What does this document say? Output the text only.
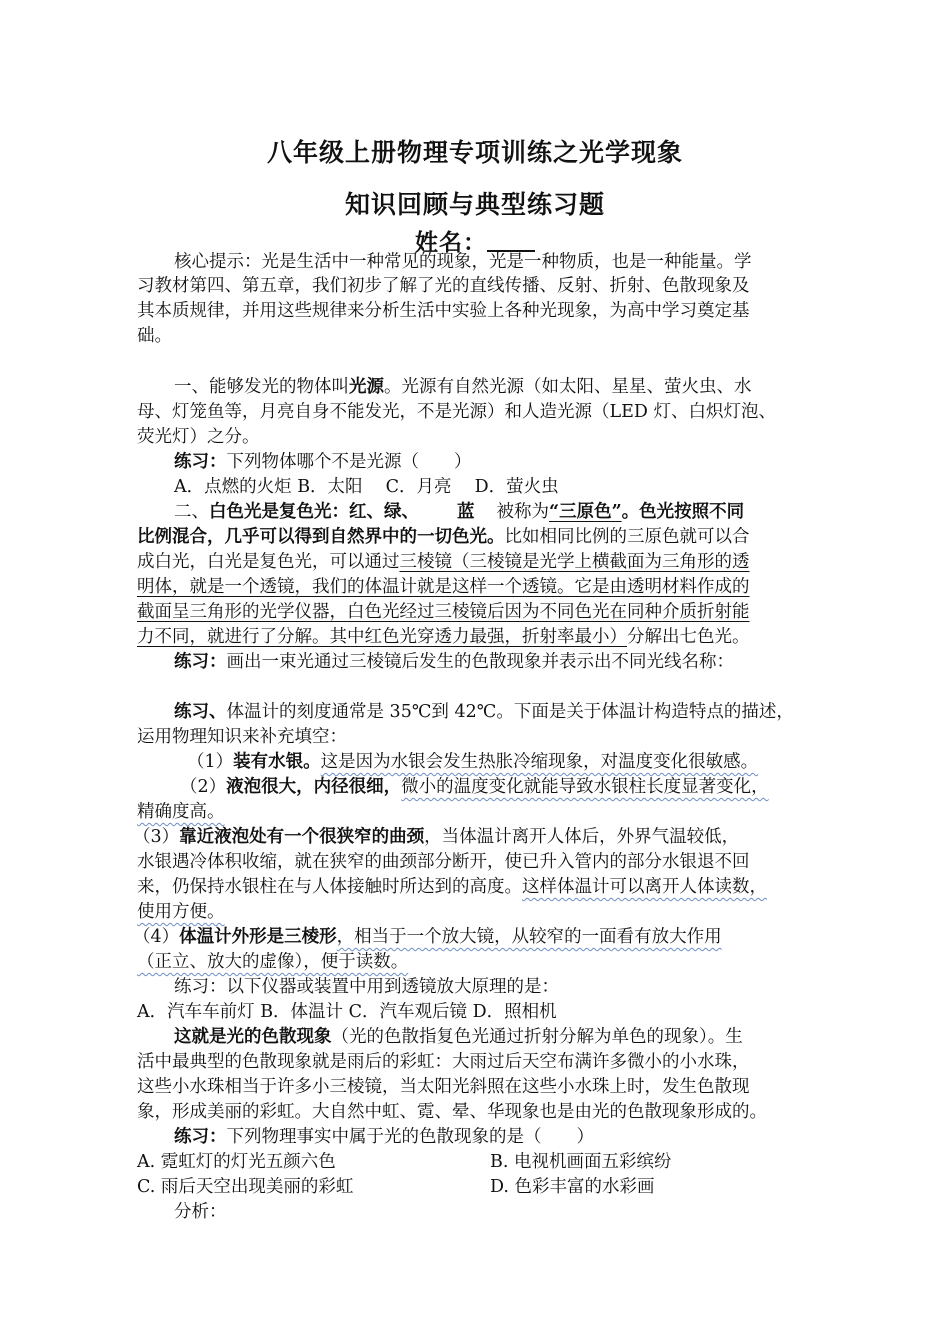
八年级上册物理专项训练之光学现象
知识回顾与典型练习题
姓名：
核心提示：光是生活中一种常见的现象，光是一种物质，也是一种能量。学
习教材第四、第五章，我们初步了解了光的直线传播、反射、折射、色散现象及
其本质规律，并用这些规律来分析生活中实验上各种光现象，为高中学习奠定基
础。
一、能够发光的物体叫光源。光源有自然光源（如太阳、星星、萤火虫、水
母、灯笼鱼等，月亮自身不能发光，不是光源）和人造光源（LED 灯、白炽灯泡、
荧光灯）之分。
练习：下列物体哪个不是光源（　　）
A．点燃的火炬 B．太阳　 C．月亮　 D．萤火虫
二、白色光是复色光：红、绿、 蓝 被称为“三原色”。色光按照不同
比例混合，几乎可以得到自然界中的一切色光。比如相同比例的三原色就可以合
成白光，白光是复色光，可以通过三棱镜（三棱镜是光学上横截面为三角形的透
明体，就是一个透镜，我们的体温计就是这样一个透镜。它是由透明材料作成的
截面呈三角形的光学仪器，白色光经过三棱镜后因为不同色光在同种介质折射能
力不同，就进行了分解。其中红色光穿透力最强，折射率最小）分解出七色光。
练习：画出一束光通过三棱镜后发生的色散现象并表示出不同光线名称：
练习、体温计的刻度通常是 35℃到 42℃。下面是关于体温计构造特点的描述，
运用物理知识来补充填空：
（1）装有水银。这是因为水银会发生热胀冷缩现象，对温度变化很敏感。
（2）液泡很大，内径很细，微小的温度变化就能导致水银柱长度显著变化，
精确度高。
（3）靠近液泡处有一个很狭窄的曲颈，当体温计离开人体后，外界气温较低，
水银遇冷体积收缩，就在狭窄的曲颈部分断开，使已升入管内的部分水银退不回
来，仍保持水银柱在与人体接触时所达到的高度。这样体温计可以离开人体读数，
使用方便。
（4）体温计外形是三棱形，相当于一个放大镜，从较窄的一面看有放大作用
（正立、放大的虚像），便于读数。
练习：以下仪器或装置中用到透镜放大原理的是：
A．汽车车前灯 B．体温计 C．汽车观后镜 D．照相机
这就是光的色散现象（光的色散指复色光通过折射分解为单色的现象）。生
活中最典型的色散现象就是雨后的彩虹：大雨过后天空布满许多微小的小水珠，
这些小水珠相当于许多小三棱镜，当太阳光斜照在这些小水珠上时，发生色散现
象，形成美丽的彩虹。大自然中虹、霓、晕、华现象也是由光的色散现象形成的。
练习：下列物理事实中属于光的色散现象的是（　　）
A. 霓虹灯的灯光五颜六色	B. 电视机画面五彩缤纷
C. 雨后天空出现美丽的彩虹	D. 色彩丰富的水彩画
分析：
